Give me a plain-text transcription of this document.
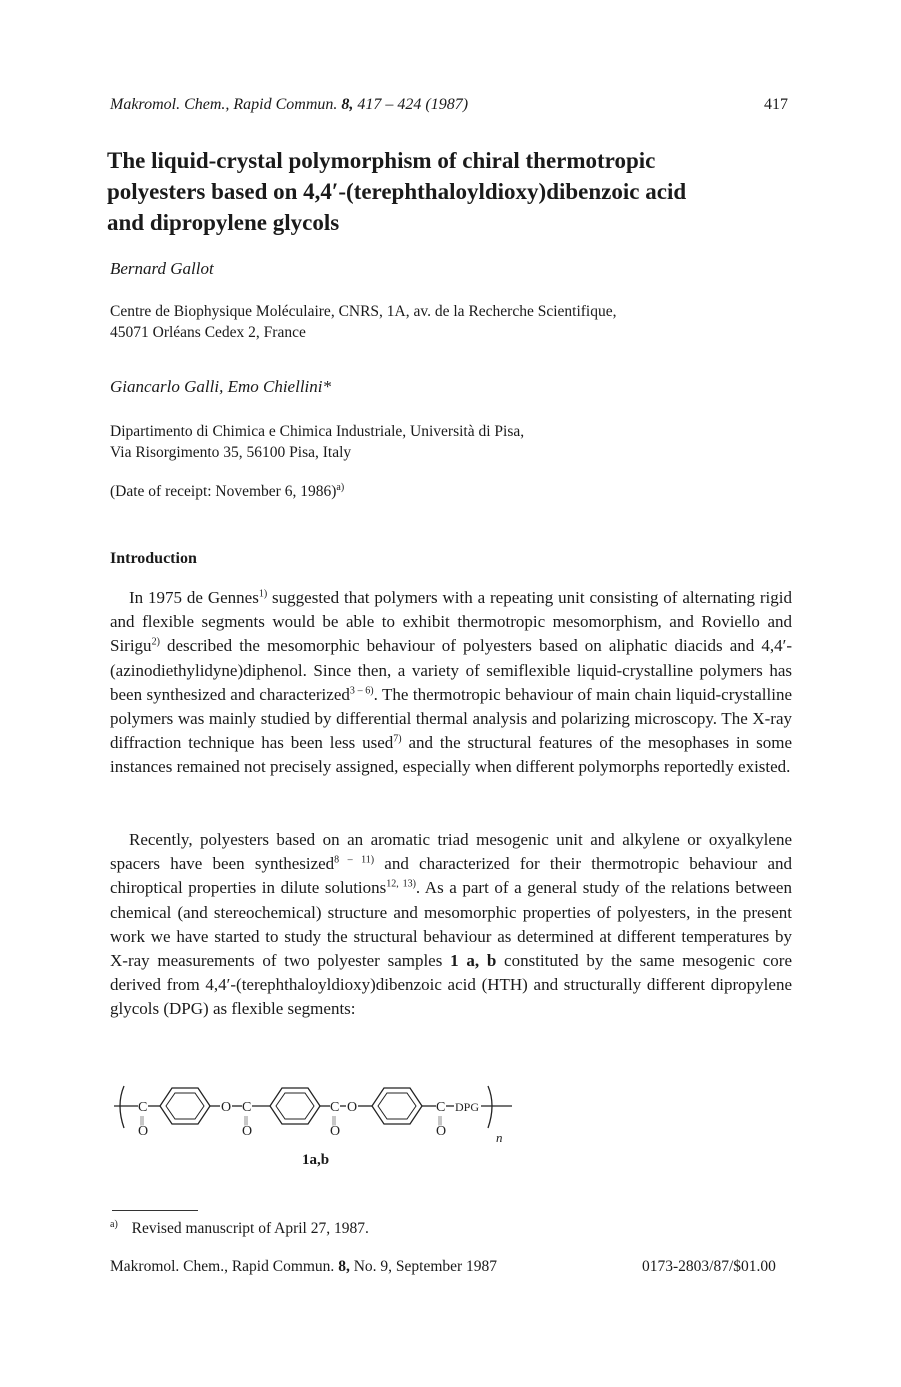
Makromol. Chem., Rapid Commun. 8, 417 – 424 (1987)	417
The liquid-crystal polymorphism of chiral thermotropic
polyesters based on 4,4′-(terephthaloyldioxy)dibenzoic acid
and dipropylene glycols
Bernard Gallot
Centre de Biophysique Moléculaire, CNRS, 1A, av. de la Recherche Scientifique,
45071 Orléans Cedex 2, France
Giancarlo Galli, Emo Chiellini*
Dipartimento di Chimica e Chimica Industriale, Università di Pisa,
Via Risorgimento 35, 56100 Pisa, Italy
(Date of receipt: November 6, 1986)$^{a)}$
Introduction

In 1975 de Gennes$^{1)}$ suggested that polymers with a repeating unit consisting of alternating rigid and flexible segments would be able to exhibit thermotropic mesomorphism, and Roviello and Sirigu$^{2)}$ described the mesomorphic behaviour of polyesters based on aliphatic diacids and 4,4′-(azinodiethylidyne)diphenol. Since then, a variety of semiflexible liquid-crystalline polymers has been synthesized and characterized$^{3 - 6)}$. The thermotropic behaviour of main chain liquid-crystalline polymers was mainly studied by differential thermal analysis and polarizing microscopy. The X-ray diffraction technique has been less used$^{7)}$ and the structural features of the mesophases in some instances remained not precisely assigned, especially when different polymorphs reportedly existed.

Recently, polyesters based on an aromatic triad mesogenic unit and alkylene or oxyalkylene spacers have been synthesized$^{8 - 11)}$ and characterized for their thermotropic behaviour and chiroptical properties in dilute solutions$^{12, 13)}$. As a part of a general study of the relations between chemical (and stereochemical) structure and mesomorphic properties of polyesters, in the present work we have started to study the structural behaviour as determined at different temperatures by X-ray measurements of two polyester samples 1 a, b constituted by the same mesogenic core derived from 4,4′-(terephthaloyldioxy)dibenzoic acid (HTH) and structurally different dipropylene glycols (DPG) as flexible segments:

C
||
O
O C
||
O
C
||
O
O	C
||
O
DPG
n
1a,b
$^{a)}$ Revised manuscript of April 27, 1987.
Makromol. Chem., Rapid Commun. 8, No. 9, September 1987	0173-2803/87/$01.00
